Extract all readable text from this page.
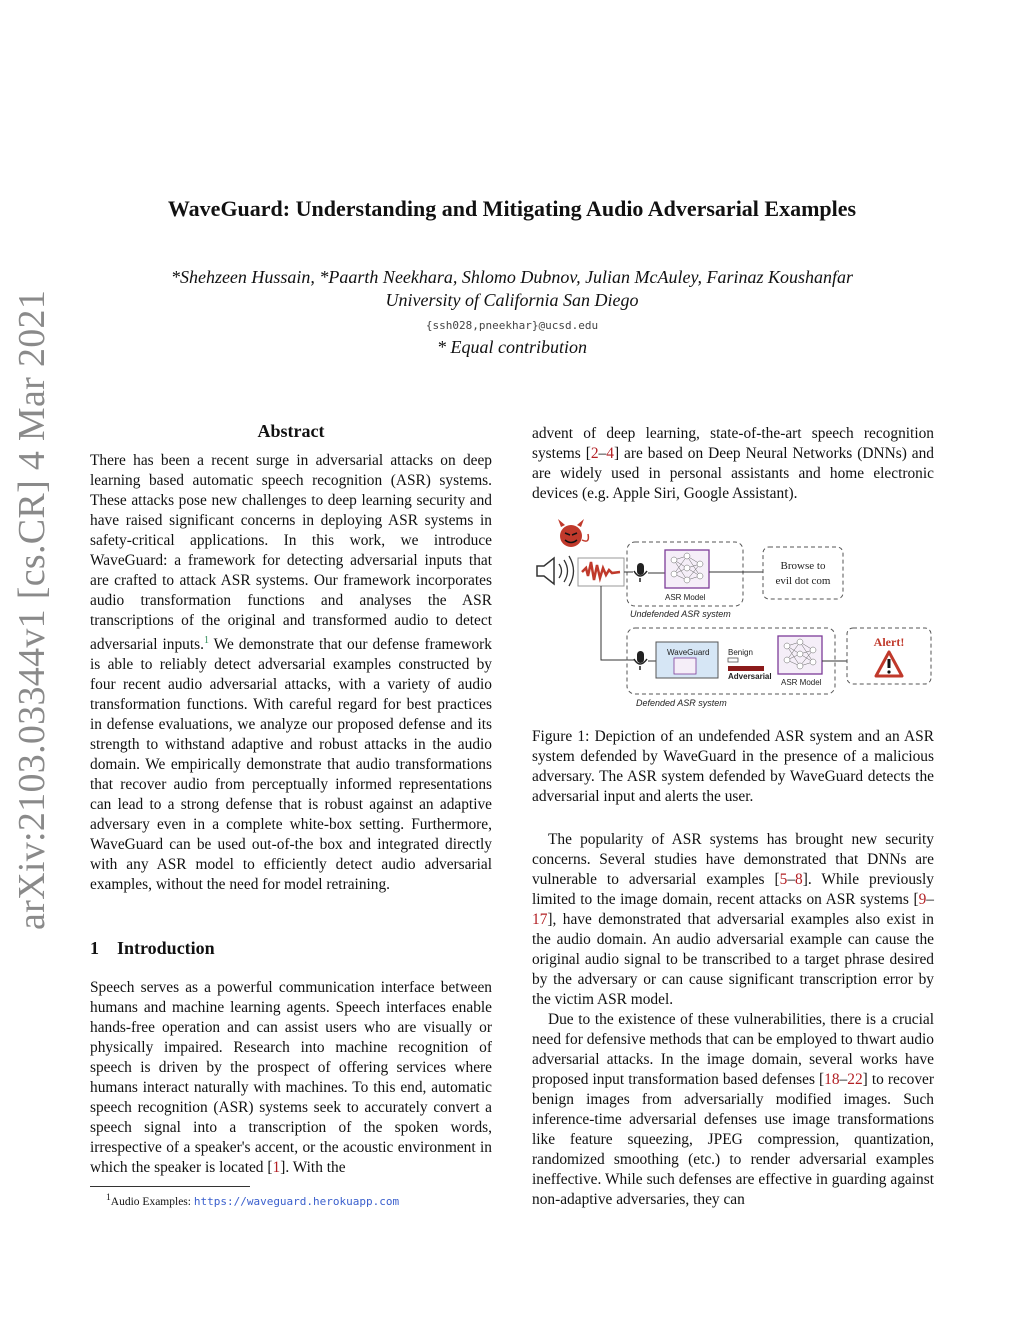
arXiv:2103.03344v1 [cs.CR] 4 Mar 2021
WaveGuard: Understanding and Mitigating Audio Adversarial Examples
*Shehzeen Hussain, *Paarth Neekhara, Shlomo Dubnov, Julian McAuley, Farinaz Koushanfar
University of California San Diego
{ssh028,pneekhar}@ucsd.edu
* Equal contribution
Abstract

There has been a recent surge in adversarial attacks on deep learning based automatic speech recognition (ASR) systems. These attacks pose new challenges to deep learning security and have raised significant concerns in deploying ASR systems in safety-critical applications. In this work, we introduce WaveGuard: a framework for detecting adversarial inputs that are crafted to attack ASR systems. Our framework incorporates audio transformation functions and analyses the ASR transcriptions of the original and transformed audio to detect adversarial inputs.$^1$ We demonstrate that our defense framework is able to reliably detect adversarial examples constructed by four recent audio adversarial attacks, with a variety of audio transformation functions. With careful regard for best practices in defense evaluations, we analyze our proposed defense and its strength to withstand adaptive and robust attacks in the audio domain. We empirically demonstrate that audio transformations that recover audio from perceptually informed representations can lead to a strong defense that is robust against an adaptive adversary even in a complete white-box setting. Furthermore, WaveGuard can be used out-of-the box and integrated directly with any ASR model to efficiently detect audio adversarial examples, without the need for model retraining.

1 Introduction

Speech serves as a powerful communication interface between humans and machine learning agents. Speech interfaces enable hands-free operation and can assist users who are visually or physically impaired. Research into machine recognition of speech is driven by the prospect of offering services where humans interact naturally with machines. To this end, automatic speech recognition (ASR) systems seek to accurately convert a speech signal into a transcription of the spoken words, irrespective of a speaker's accent, or the acoustic environment in which the speaker is located [1]. With the

$^1$Audio Examples: https://waveguard.herokuapp.com

advent of deep learning, state-of-the-art speech recognition systems [2–4] are based on Deep Neural Networks (DNNs) and are widely used in personal assistants and home electronic devices (e.g. Apple Siri, Google Assistant).

Undefended ASR system
ASR Model
Browse to
evil dot com
Defended ASR system
WaveGuard Benign
Adversarial
ASR Model
Alert!
Figure 1: Depiction of an undefended ASR system and an ASR system defended by WaveGuard in the presence of a malicious adversary. The ASR system defended by WaveGuard detects the adversarial input and alerts the user.

The popularity of ASR systems has brought new security concerns. Several studies have demonstrated that DNNs are vulnerable to adversarial examples [5–8]. While previously limited to the image domain, recent attacks on ASR systems [9–17], have demonstrated that adversarial examples also exist in the audio domain. An audio adversarial example can cause the original audio signal to be transcribed to a target phrase desired by the adversary or can cause significant transcription error by the victim ASR model.

Due to the existence of these vulnerabilities, there is a crucial need for defensive methods that can be employed to thwart audio adversarial attacks. In the image domain, several works have proposed input transformation based defenses [18–22] to recover benign images from adversarially modified images. Such inference-time adversarial defenses use image transformations like feature squeezing, JPEG compression, quantization, randomized smoothing (etc.) to render adversarial examples ineffective. While such defenses are effective in guarding against non-adaptive adversaries, they can
